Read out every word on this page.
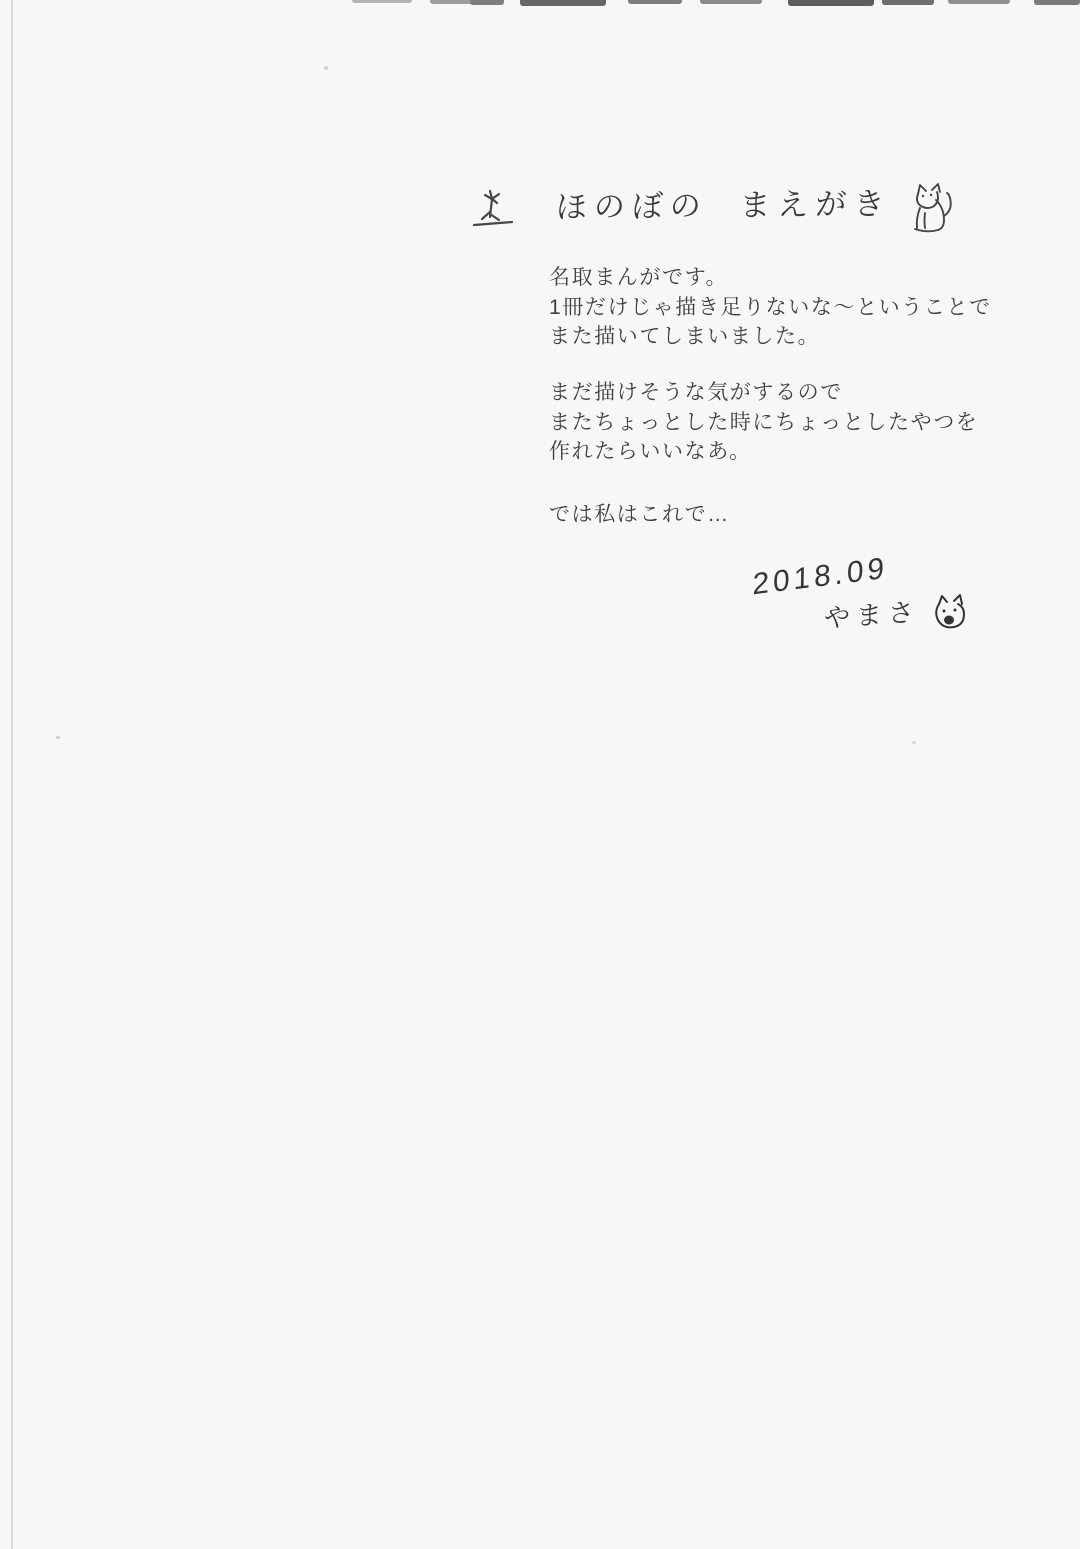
ほのぼの まえがき
名取まんがです。
1冊だけじゃ描き足りないな〜ということで
また描いてしまいました。
まだ描けそうな気がするので
またちょっとした時にちょっとしたやつを
作れたらいいなあ。
では私はこれで…
2018.09
やまさ
